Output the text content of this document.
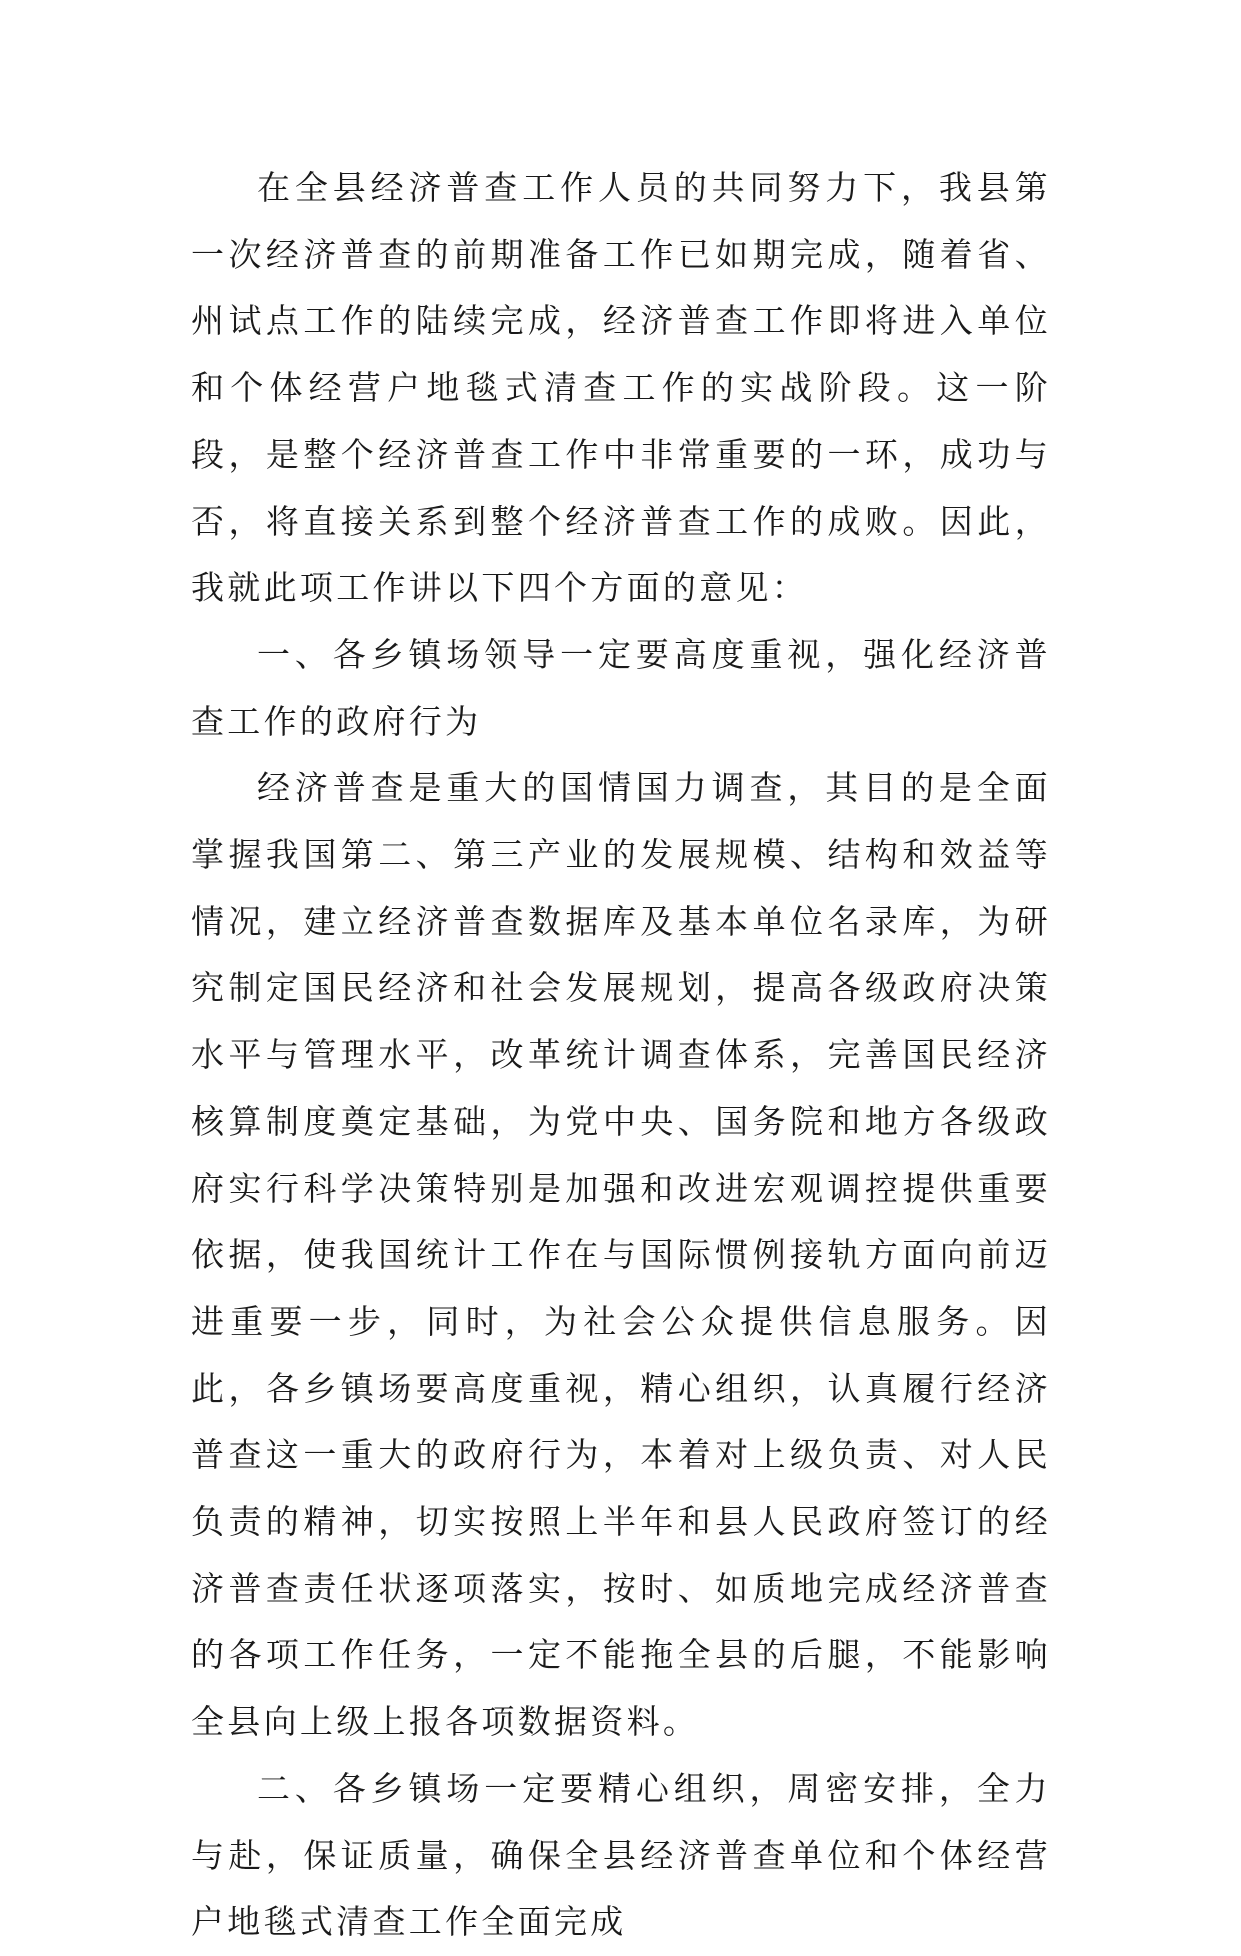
在全县经济普查工作人员的共同努力下，我县第一次经济普查的前期准备工作已如期完成，随着省、州试点工作的陆续完成，经济普查工作即将进入单位和个体经营户地毯式清查工作的实战阶段。这一阶段，是整个经济普查工作中非常重要的一环，成功与否，将直接关系到整个经济普查工作的成败。因此，我就此项工作讲以下四个方面的意见：

一、各乡镇场领导一定要高度重视，强化经济普查工作的政府行为

经济普查是重大的国情国力调查，其目的是全面掌握我国第二、第三产业的发展规模、结构和效益等情况，建立经济普查数据库及基本单位名录库，为研究制定国民经济和社会发展规划，提高各级政府决策水平与管理水平，改革统计调查体系，完善国民经济核算制度奠定基础，为党中央、国务院和地方各级政府实行科学决策特别是加强和改进宏观调控提供重要依据，使我国统计工作在与国际惯例接轨方面向前迈进重要一步，同时，为社会公众提供信息服务。因此，各乡镇场要高度重视，精心组织，认真履行经济普查这一重大的政府行为，本着对上级负责、对人民负责的精神，切实按照上半年和县人民政府签订的经济普查责任状逐项落实，按时、如质地完成经济普查的各项工作任务，一定不能拖全县的后腿，不能影响全县向上级上报各项数据资料。

二、各乡镇场一定要精心组织，周密安排，全力与赴，保证质量，确保全县经济普查单位和个体经营户地毯式清查工作全面完成
